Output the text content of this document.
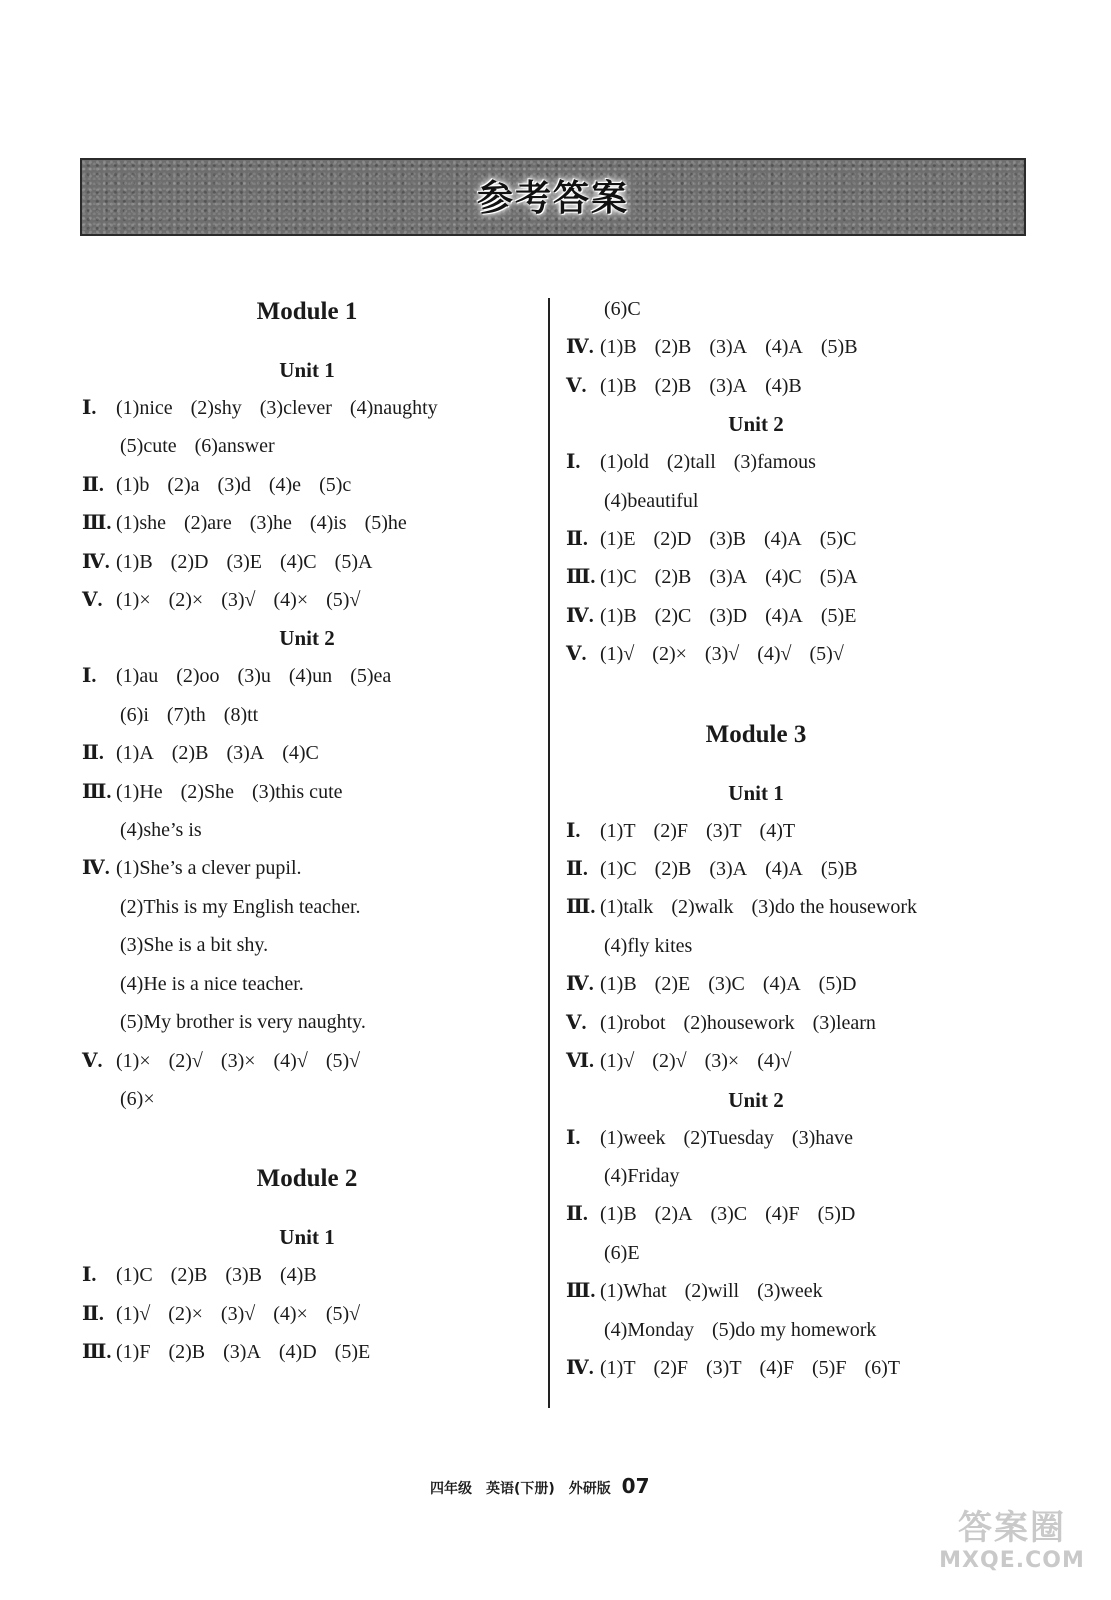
参考答案
Module 1
Unit 1
Ⅰ. (1)nice (2)shy (3)clever (4)naughty
(5)cute (6)answer
Ⅱ. (1)b (2)a (3)d (4)e (5)c
Ⅲ. (1)she (2)are (3)he (4)is (5)he
Ⅳ. (1)B (2)D (3)E (4)C (5)A
Ⅴ. (1)× (2)× (3)√ (4)× (5)√
Unit 2
Ⅰ. (1)au (2)oo (3)u (4)un (5)ea
(6)i (7)th (8)tt
Ⅱ. (1)A (2)B (3)A (4)C
Ⅲ. (1)He (2)She (3)this cute
(4)she’s is
Ⅳ. (1)She’s a clever pupil.
(2)This is my English teacher.
(3)She is a bit shy.
(4)He is a nice teacher.
(5)My brother is very naughty.
Ⅴ. (1)× (2)√ (3)× (4)√ (5)√
(6)×
Module 2
Unit 1
Ⅰ. (1)C (2)B (3)B (4)B
Ⅱ. (1)√ (2)× (3)√ (4)× (5)√
Ⅲ. (1)F (2)B (3)A (4)D (5)E
(6)C
Ⅳ. (1)B (2)B (3)A (4)A (5)B
Ⅴ. (1)B (2)B (3)A (4)B
Unit 2
Ⅰ. (1)old (2)tall (3)famous
(4)beautiful
Ⅱ. (1)E (2)D (3)B (4)A (5)C
Ⅲ. (1)C (2)B (3)A (4)C (5)A
Ⅳ. (1)B (2)C (3)D (4)A (5)E
Ⅴ. (1)√ (2)× (3)√ (4)√ (5)√
Module 3
Unit 1
Ⅰ. (1)T (2)F (3)T (4)T
Ⅱ. (1)C (2)B (3)A (4)A (5)B
Ⅲ. (1)talk (2)walk (3)do the housework
(4)fly kites
Ⅳ. (1)B (2)E (3)C (4)A (5)D
Ⅴ. (1)robot (2)housework (3)learn
Ⅵ. (1)√ (2)√ (3)× (4)√
Unit 2
Ⅰ. (1)week (2)Tuesday (3)have
(4)Friday
Ⅱ. (1)B (2)A (3)C (4)F (5)D
(6)E
Ⅲ. (1)What (2)will (3)week
(4)Monday (5)do my homework
Ⅳ. (1)T (2)F (3)T (4)F (5)F (6)T
四年级　英语(下册)　外研版 07
答案圈
MXQE.COM
